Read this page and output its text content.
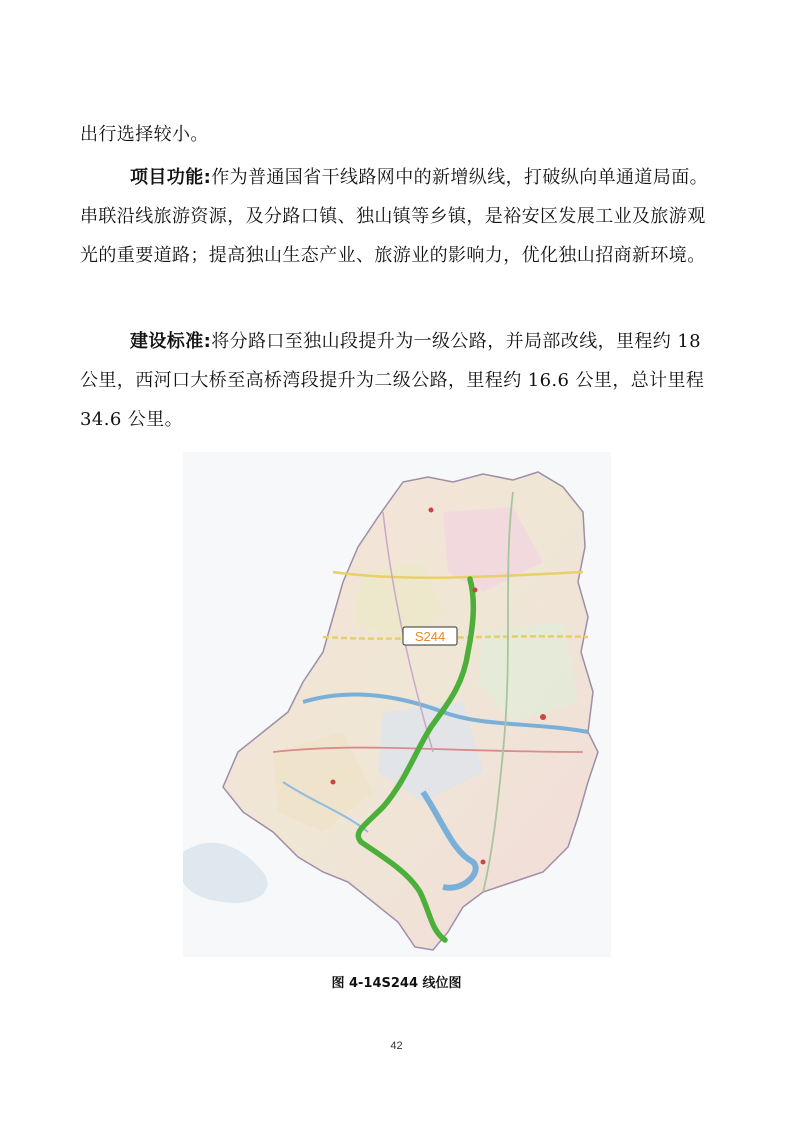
出行选择较小。
项目功能:作为普通国省干线路网中的新增纵线，打破纵向单通道局面。串联沿线旅游资源，及分路口镇、独山镇等乡镇，是裕安区发展工业及旅游观光的重要道路；提高独山生态产业、旅游业的影响力，优化独山招商新环境。
建设标准:将分路口至独山段提升为一级公路，并局部改线，里程约 18 公里，西河口大桥至高桥湾段提升为二级公路，里程约 16.6 公里，总计里程 34.6 公里。
S244
图 4-14S244 线位图
42
